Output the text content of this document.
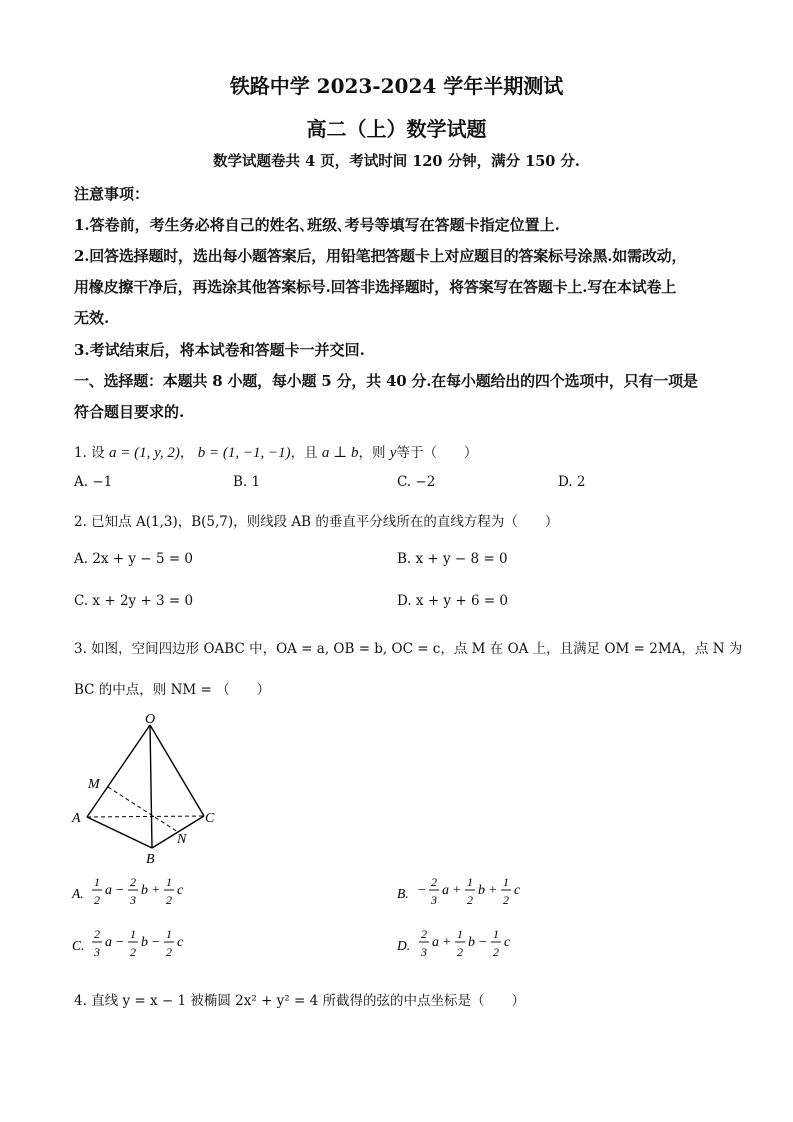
铁路中学 2023-2024 学年半期测试
高二（上）数学试题
数学试题卷共 4 页，考试时间 120 分钟，满分 150 分.
注意事项：
1.答卷前，考生务必将自己的姓名､班级､考号等填写在答题卡指定位置上.
2.回答选择题时，选出每小题答案后，用铅笔把答题卡上对应题目的答案标号涂黑.如需改动，
用橡皮擦干净后，再选涂其他答案标号.回答非选择题时，将答案写在答题卡上.写在本试卷上
无效.
3.考试结束后，将本试卷和答题卡一并交回.
一、选择题：本题共 8 小题，每小题 5 分，共 40 分.在每小题给出的四个选项中，只有一项是
符合题目要求的.
1. 设 a = (1, y, 2)， b = (1, −1, −1)，且 a ⊥ b，则 y等于（　　）
A. −1	B. 1	C. −2	D. 2
2. 已知点 A(1,3)，B(5,7)，则线段 AB 的垂直平分线所在的直线方程为（　　）
A. 2x + y − 5 = 0	B. x + y − 8 = 0
C. x + 2y + 3 = 0	D. x + y + 6 = 0
3. 如图，空间四边形 OABC 中，OA = a, OB = b, OC = c，点 M 在 OA 上，且满足 OM = 2MA，点 N 为
BC 的中点，则 NM = （　　）
O
M
A	C
N
B
A.
1
2
a −
2
3
b +
1
2
c	B. −
2
3
a +
1
2
b +
1
2
c
C.
2
3
a −
1
2
b −
1
2
c	D.
2
3
a +
1
2
b −
1
2
c
4. 直线 y = x − 1 被椭圆 2x² + y² = 4 所截得的弦的中点坐标是（　　）
